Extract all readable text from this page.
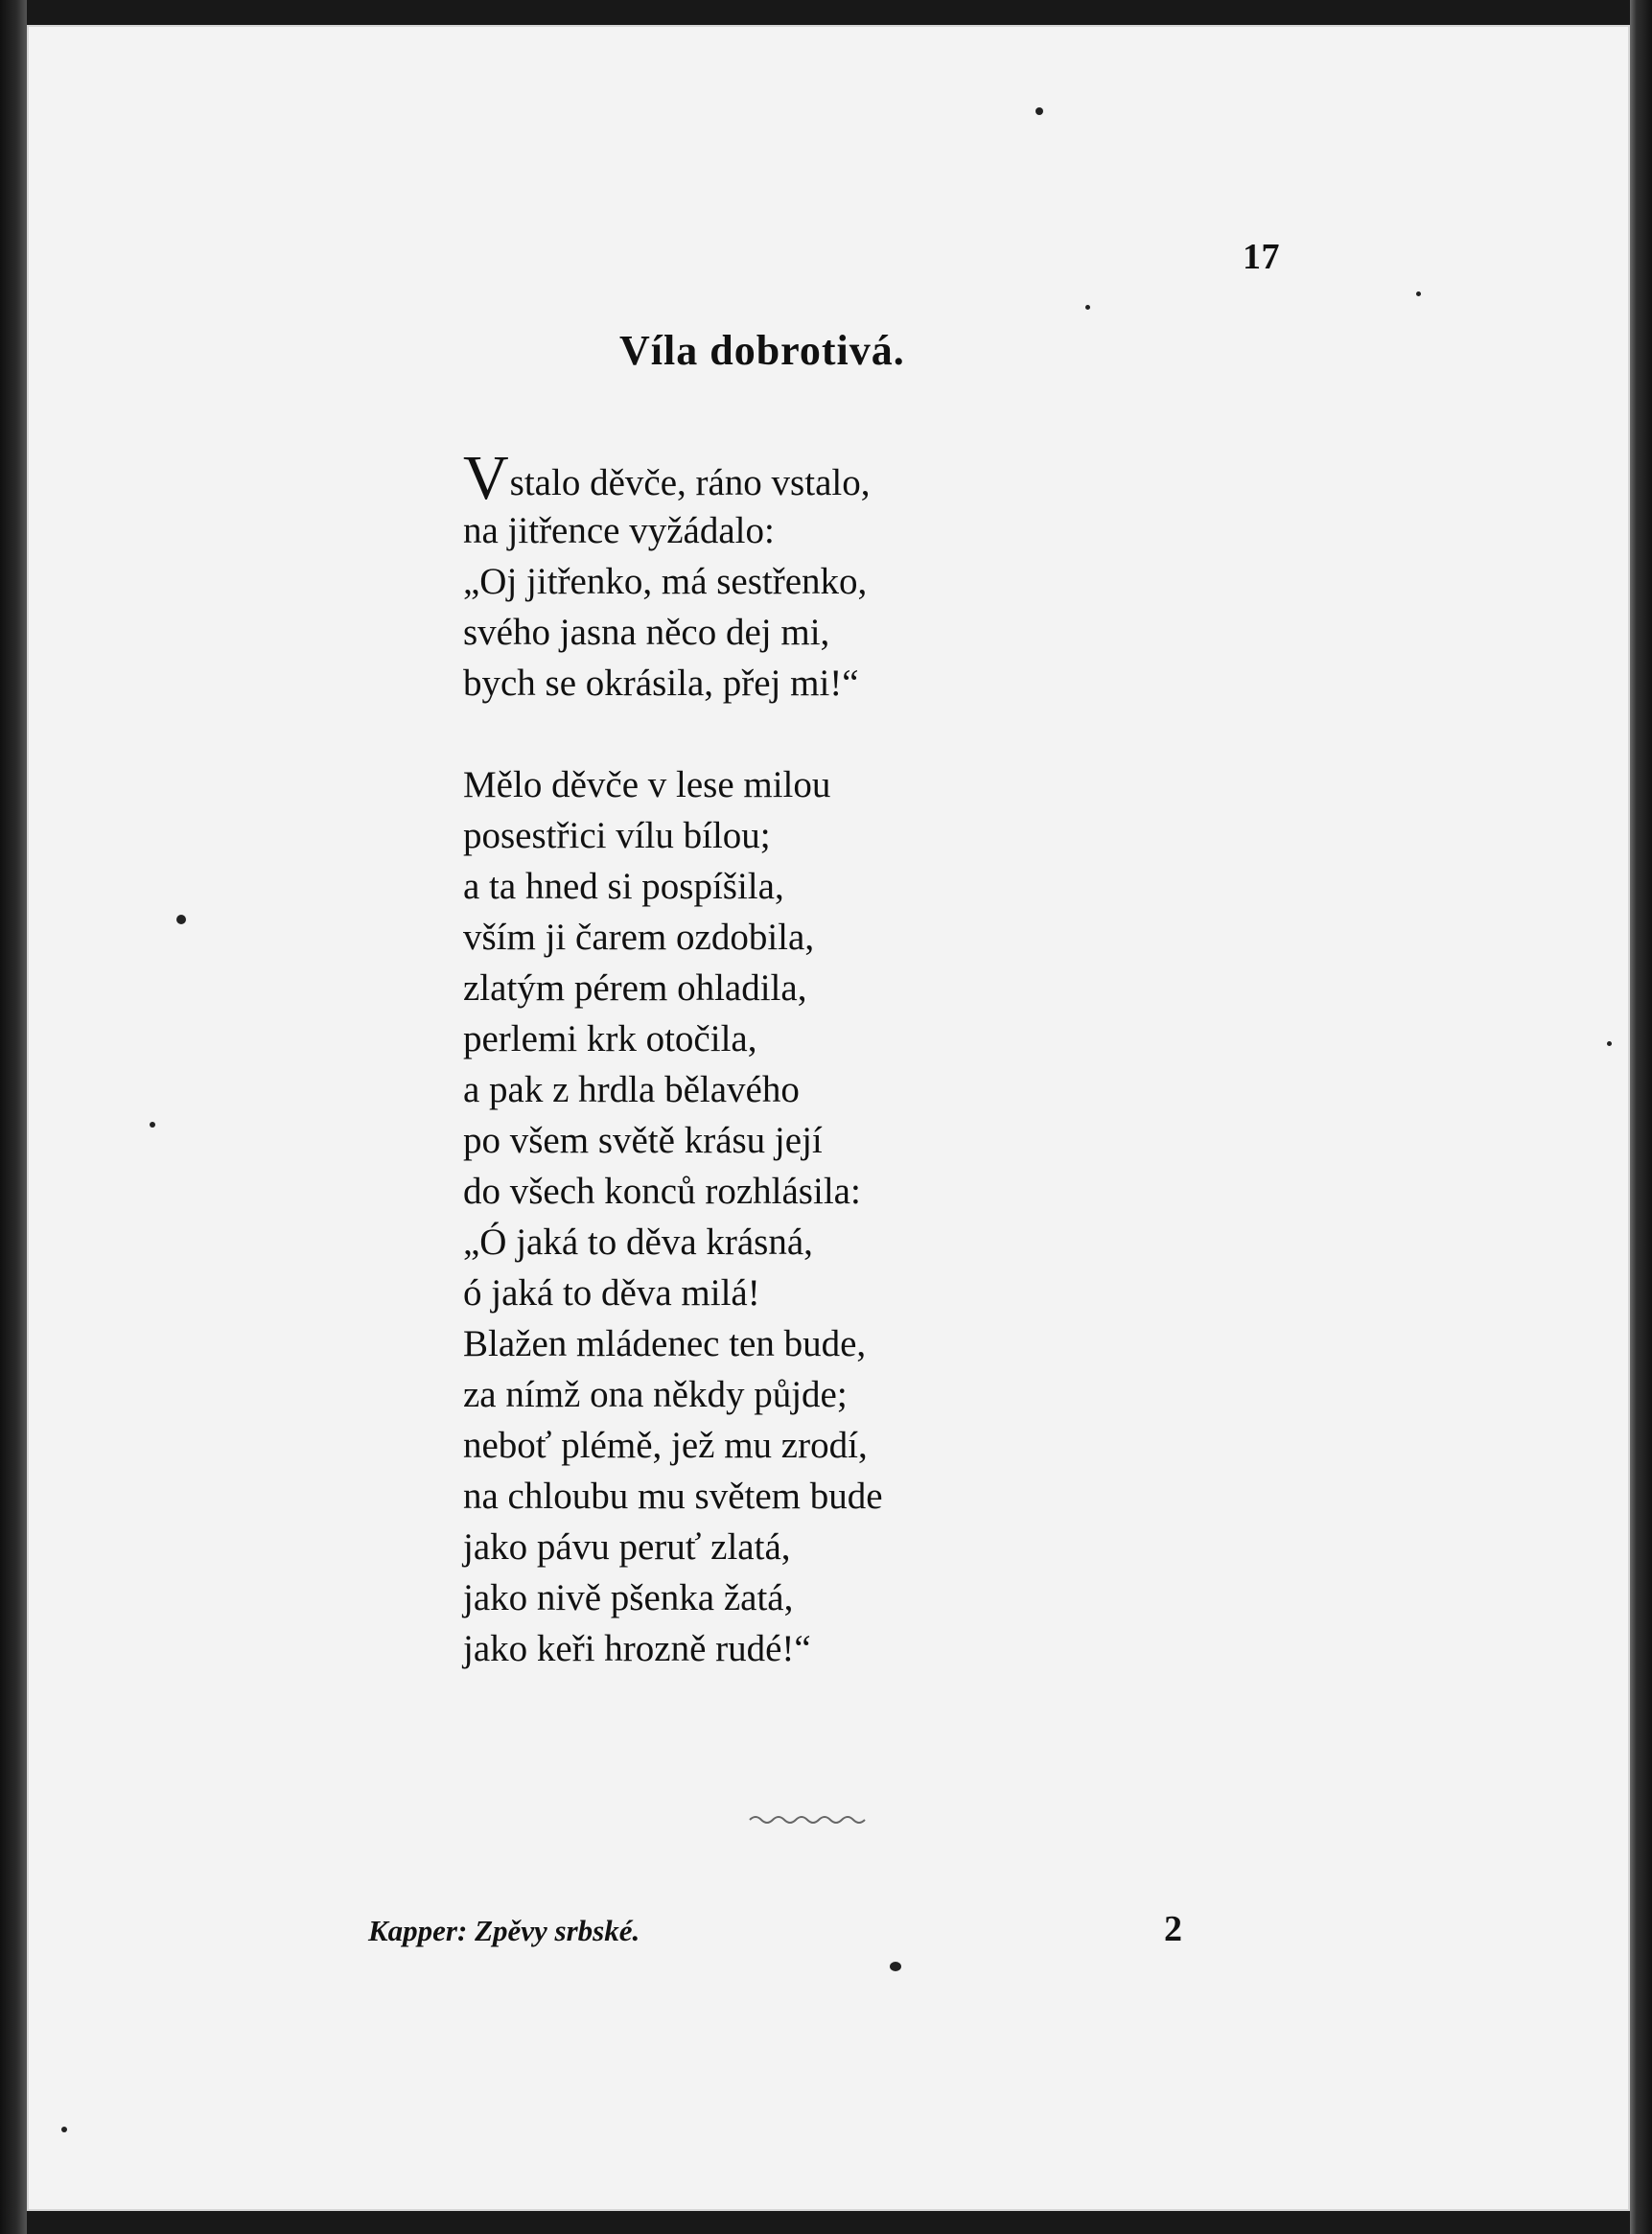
17
Víla dobrotivá.
Vstalo děvče, ráno vstalo,
na jitřence vyžádalo:
„Oj jitřenko, má sestřenko,
svého jasna něco dej mi,
bych se okrásila, přej mi!“
Mělo děvče v lese milou
posestřici vílu bílou;
a ta hned si pospíšila,
vším ji čarem ozdobila,
zlatým pérem ohladila,
perlemi krk otočila,
a pak z hrdla bělavého
po všem světě krásu její
do všech konců rozhlásila:
„Ó jaká to děva krásná,
ó jaká to děva milá!
Blažen mládenec ten bude,
za nímž ona někdy půjde;
neboť plémě, jež mu zrodí,
na chloubu mu světem bude
jako pávu peruť zlatá,
jako nivě pšenka žatá,
jako keři hrozně rudé!“
Kapper: Zpěvy srbské.	2
